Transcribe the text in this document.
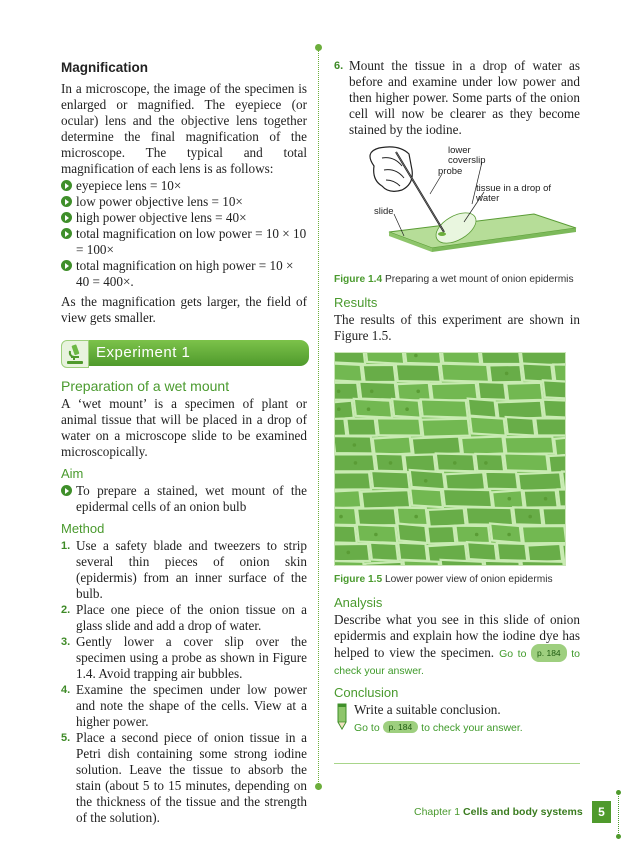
Magnification

In a microscope, the image of the specimen is enlarged or magnified. The eyepiece (or ocular) lens and the objective lens together determine the final magnification of the microscope. The typical and total magnification of each lens is as follows:

eyepiece lens = 10×
low power objective lens = 10×
high power objective lens = 40×
total magnification on low power = 10 × 10 = 100×
total magnification on high power = 10 × 40 = 400×.

As the magnification gets larger, the field of view gets smaller.

Experiment 1
Preparation of a wet mount

A ‘wet mount’ is a specimen of plant or animal tissue that will be placed in a drop of water on a microscope slide to be examined microscopically.

Aim
To prepare a stained, wet mount of the epidermal cells of an onion bulb
Method
1. Use a safety blade and tweezers to strip several thin pieces of onion skin (epidermis) from an inner surface of the bulb.
2. Place one piece of the onion tissue on a glass slide and add a drop of water.
3. Gently lower a cover slip over the specimen using a probe as shown in Figure 1.4. Avoid trapping air bubbles.
4. Examine the specimen under low power and note the shape of the cells. View at a higher power.
5. Place a second piece of onion tissue in a Petri dish containing some strong iodine solution. Leave the tissue to absorb the stain (about 5 to 15 minutes, depending on the thickness of the tissue and the strength of the solution).
6. Mount the tissue in a drop of water as before and examine under low power and then higher power. Some parts of the onion cell will now be clearer as they become stained by the iodine.
lower coverslip
probe
tissue in a drop of water
slide
Figure 1.4 Preparing a wet mount of onion epidermis
Results

The results of this experiment are shown in Figure 1.5.

Figure 1.5 Lower power view of onion epidermis
Analysis

Describe what you see in this slide of onion epidermis and explain how the iodine dye has helped to view the specimen. Go to p. 184 to check your answer.

Conclusion

Write a suitable conclusion.

Go to p. 184 to check your answer.

Chapter 1 Cells and body systems	5
